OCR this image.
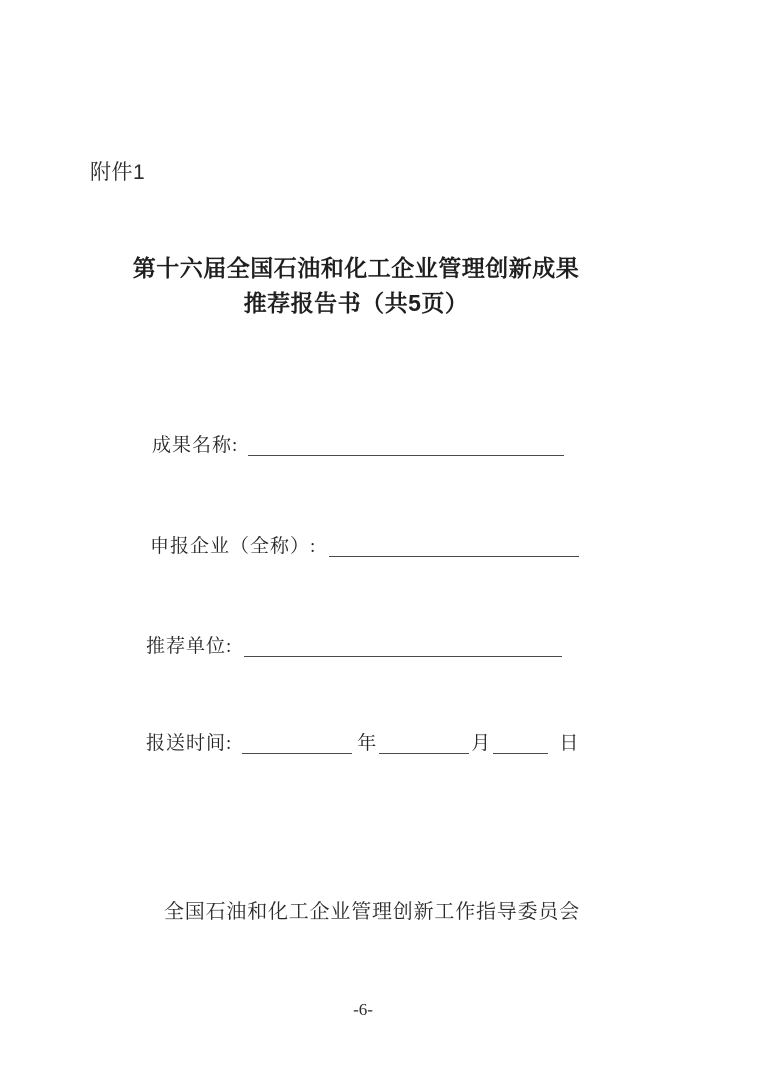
附件1
第十六届全国石油和化工企业管理创新成果
推荐报告书（共5页）
成果名称:
申报企业（全称）:
推荐单位:
报送时间:	年	月	日
全国石油和化工企业管理创新工作指导委员会
-6-
